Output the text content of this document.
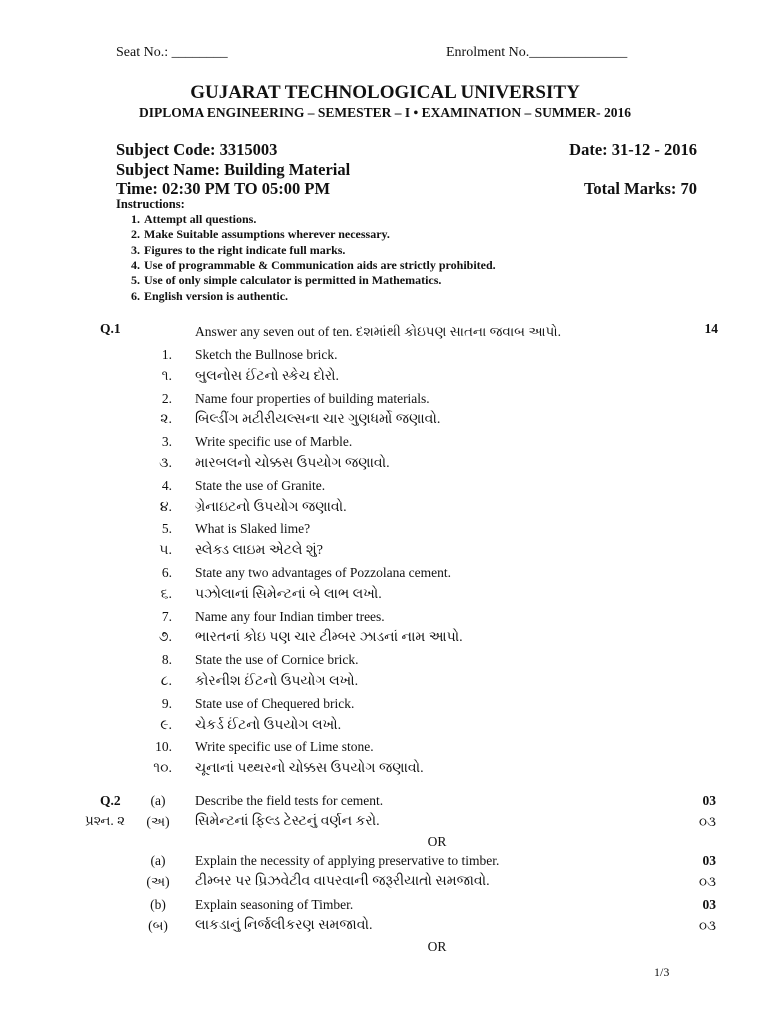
Seat No.: ________	Enrolment No.______________
GUJARAT TECHNOLOGICAL UNIVERSITY
DIPLOMA ENGINEERING – SEMESTER – I • EXAMINATION – SUMMER- 2016
Subject Code: 3315003	Date: 31-12 - 2016
Subject Name: Building Material
Time: 02:30 PM TO 05:00 PM	Total Marks: 70
Instructions:
1. Attempt all questions.
2. Make Suitable assumptions wherever necessary.
3. Figures to the right indicate full marks.
4. Use of programmable & Communication aids are strictly prohibited.
5. Use of only simple calculator is permitted in Mathematics.
6. English version is authentic.
Q.1	Answer any seven out of ten. દશમાંથી કોઇપણ સાતના જવાબ આપો.	14
1. Sketch the Bullnose brick.
૧. બુલનોસ ઈંટનો સ્કેચ દોરો.
2. Name four properties of building materials.
૨. બિલ્ડીંગ મટીરીયલ્સના ચાર ગુણધર્મો જણાવો.
3. Write specific use of Marble.
૩. મારબલનો ચોક્કસ ઉપયોગ જણાવો.
4. State the use of Granite.
૪. ગ્રેનાઇટનો ઉપયોગ જણાવો.
5. What is Slaked lime?
૫. સ્લેક્ડ લાઇમ એટલે શું?
6. State any two advantages of Pozzolana cement.
૬. પઝોલાનાં સિમેન્ટનાં બે લાભ લખો.
7. Name any four Indian timber trees.
૭. ભારતનાં કોઇ પણ ચાર ટીમ્બર ઝાડનાં નામ આપો.
8. State the use of Cornice brick.
૮. કોરનીશ ઈંટનો ઉપયોગ લખો.
9. State use of Chequered brick.
૯. ચેકર્ડ ઈંટનો ઉપયોગ લખો.
10. Write specific use of Lime stone.
૧૦. ચૂનાનાં પથ્થરનો ચોક્કસ ઉપયોગ જણાવો.
Q.2
પ્રશ્ન. ૨
(a)	Describe the field tests for cement.	03
(અ)	સિમેન્ટનાં ફિલ્ડ ટેસ્ટનું વર્ણન કરો.	૦૩
(a)	Explain the necessity of applying preservative to timber.	03
(અ)	ટીમ્બર પર પ્રિઝવેટીવ વાપરવાની જરૂરીયાતો સમજાવો.	૦૩
(b)	Explain seasoning of Timber.	03
(બ)	લાકડાનું નિર્જલીકરણ સમજાવો.	૦૩
OR
OR
1/3
